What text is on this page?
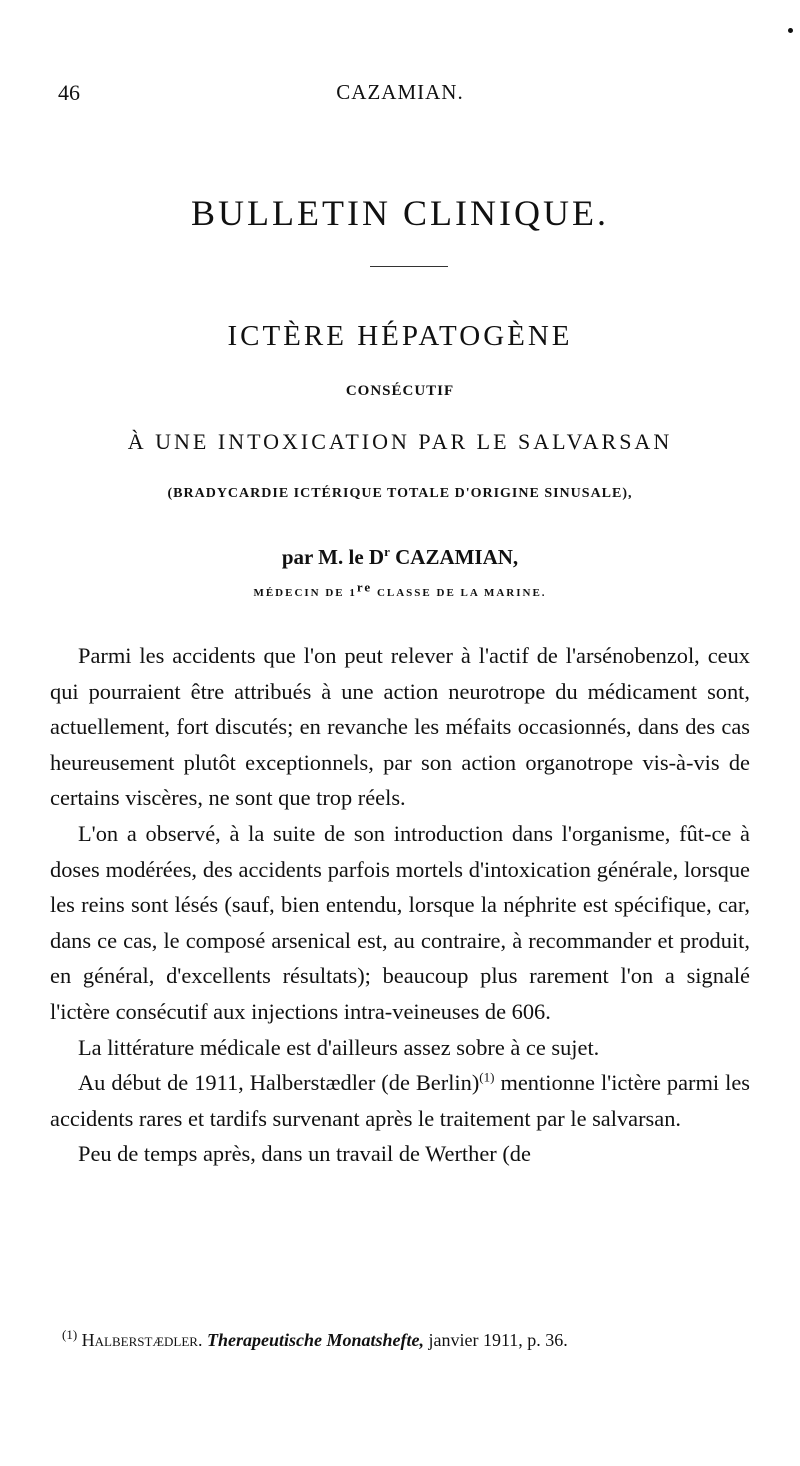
46	CAZAMIAN.
BULLETIN CLINIQUE.
ICTÈRE HÉPATOGÈNE
CONSÉCUTIF
À UNE INTOXICATION PAR LE SALVARSAN
(BRADYCARDIE ICTÉRIQUE TOTALE D'ORIGINE SINUSALE),
par M. le $D^r$ CAZAMIAN,
MÉDECIN DE 1re CLASSE DE LA MARINE.

Parmi les accidents que l'on peut relever à l'actif de l'arsénobenzol, ceux qui pourraient être attribués à une action neurotrope du médicament sont, actuellement, fort discutés; en revanche les méfaits occasionnés, dans des cas heureusement plutôt exceptionnels, par son action organotrope vis-à-vis de certains viscères, ne sont que trop réels.

L'on a observé, à la suite de son introduction dans l'organisme, fût-ce à doses modérées, des accidents parfois mortels d'intoxication générale, lorsque les reins sont lésés (sauf, bien entendu, lorsque la néphrite est spécifique, car, dans ce cas, le composé arsenical est, au contraire, à recommander et produit, en général, d'excellents résultats); beaucoup plus rarement l'on a signalé l'ictère consécutif aux injections intra-veineuses de 606.

La littérature médicale est d'ailleurs assez sobre à ce sujet.

Au début de 1911, Halberstædler (de Berlin)$^{(1)}$ mentionne l'ictère parmi les accidents rares et tardifs survenant après le traitement par le salvarsan.

Peu de temps après, dans un travail de Werther (de

$^{(1)}$ Halberstædler. Therapeutische Monatshefte, janvier 1911, p. 36.
